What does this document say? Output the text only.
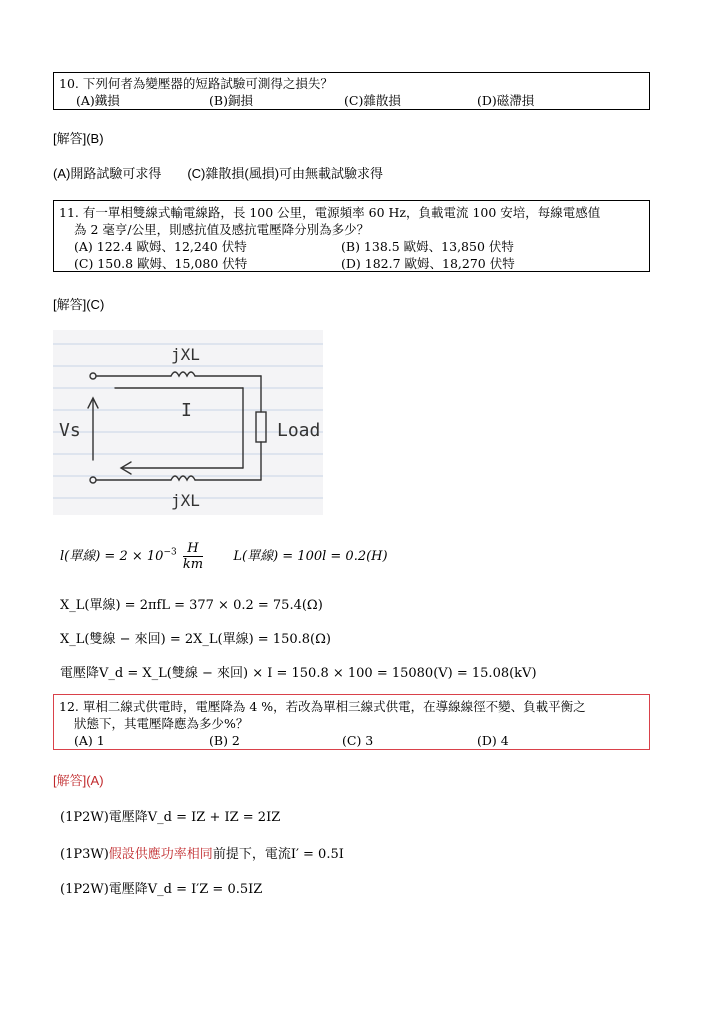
10. 下列何者為變壓器的短路試驗可測得之損失？
(A)鐵損	(B)銅損	(C)雜散損	(D)磁滯損
[解答](B)
(A)開路試驗可求得　　(C)雜散損(風損)可由無載試驗求得
11. 有一單相雙線式輸電線路，長 100 公里，電源頻率 60 Hz，負載電流 100 安培，每線電感值
為 2 毫亨/公里，則感抗值及感抗電壓降分別為多少？
(A) 122.4 歐姆、12,240 伏特	(B) 138.5 歐姆、13,850 伏特
(C) 150.8 歐姆、15,080 伏特	(D) 182.7 歐姆、18,270 伏特
[解答](C)
jXL
I
Vs	Load
jXL
l(單線) = $2 \times 10^{-3} \frac{H}{km} L$(單線) = 100l = 0.2(H)
X_L(單線) = 2πfL = 377 × 0.2 = 75.4(Ω)
X_L(雙線 − 來回) = 2X_L(單線) = 150.8(Ω)
電壓降V_d = X_L(雙線 − 來回) × I = 150.8 × 100 = 15080(V) = 15.08(kV)
12. 單相二線式供電時，電壓降為 4 %，若改為單相三線式供電，在導線線徑不變、負載平衡之
狀態下，其電壓降應為多少%？
(A) 1	(B) 2	(C) 3	(D) 4
[解答](A)
(1P2W)電壓降V_d = IZ + IZ = 2IZ
(1P3W)假設供應功率相同前提下，電流I′ = 0.5I
(1P2W)電壓降V_d = I′Z = 0.5IZ
